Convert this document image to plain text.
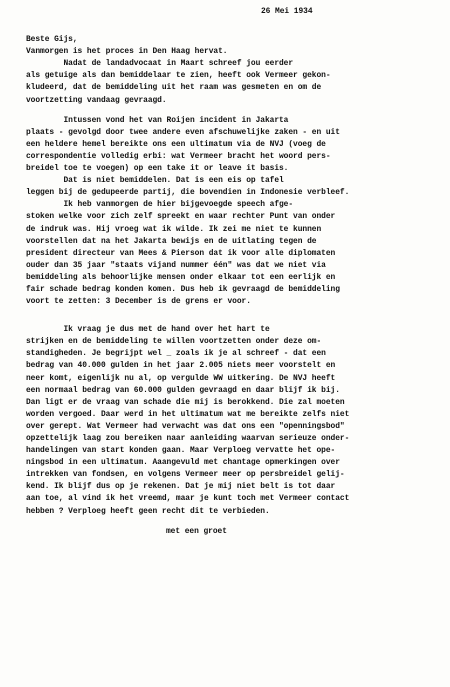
26 Mei 1934

Beste Gijs,
Vanmorgen is het proces in Den Haag hervat.
Nadat de landadvocaat in Maart schreef jou eerder
als getuige als dan bemiddelaar te zien, heeft ook Vermeer gekon-
kludeerd, dat de bemiddeling uit het raam was gesmeten en om de
voortzetting vandaag gevraagd.
Intussen vond het van Roijen incident in Jakarta
plaats - gevolgd door twee andere even afschuwelijke zaken - en uit
een heldere hemel bereikte ons een ultimatum via de NVJ (voeg de
correspondentie volledig erbi: wat Vermeer bracht het woord pers-
breidel toe te voegen) op een take it or leave it basis.
Dat is niet bemiddelen. Dat is een eis op tafel
leggen bij de gedupeerde partij, die bovendien in Indonesie verbleef.
Ik heb vanmorgen de hier bijgevoegde speech afge-
stoken welke voor zich zelf spreekt en waar rechter Punt van onder
de indruk was. Hij vroeg wat ik wilde. Ik zei me niet te kunnen
voorstellen dat na het Jakarta bewijs en de uitlating tegen de
president directeur van Mees & Pierson dat ik voor alle diplomaten
ouder dan 35 jaar "staats vijand nummer één" was dat we niet via
bemiddeling als behoorlijke mensen onder elkaar tot een eerlijk en
fair schade bedrag konden komen. Dus heb ik gevraagd de bemiddeling
voort te zetten: 3 December is de grens er voor.
Ik vraag je dus met de hand over het hart te
strijken en de bemiddeling te willen voortzetten onder deze om-
standigheden. Je begrijpt wel _ zoals ik je al schreef - dat een
bedrag van 40.000 gulden in het jaar 2.005 niets meer voorstelt en
neer komt, eigenlijk nu al, op vergulde WW uitkering. De NVJ heeft
een normaal bedrag van 60.000 gulden gevraagd en daar blijf ik bij.
Dan ligt er de vraag van schade die mij is berokkend. Die zal moeten
worden vergoed. Daar werd in het ultimatum wat me bereikte zelfs niet
over gerept. Wat Vermeer had verwacht was dat ons een "openningsbod"
opzettelijk laag zou bereiken naar aanleiding waarvan serieuze onder-
handelingen van start konden gaan. Maar Verploeg vervatte het ope-
ningsbod in een ultimatum. Aaangevuld met chantage opmerkingen over
intrekken van fondsen, en volgens Vermeer meer op persbreidel gelij-
kend. Ik blijf dus op je rekenen. Dat je mij niet belt is tot daar
aan toe, al vind ik het vreemd, maar je kunt toch met Vermeer contact
hebben ? Verploeg heeft geen recht dit te verbieden.
met een groet
